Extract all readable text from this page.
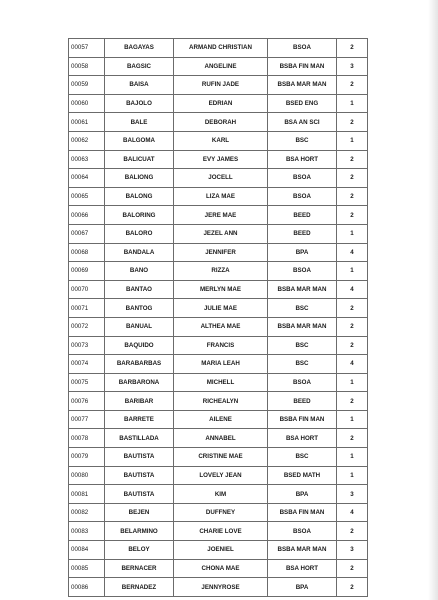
00057	BAGAYAS	ARMAND CHRISTIAN	BSOA	2
00058	BAGSIC	ANGELINE	BSBA FIN MAN	3
00059	BAISA	RUFIN JADE	BSBA MAR MAN	2
00060	BAJOLO	EDRIAN	BSED ENG	1
00061	BALE	DEBORAH	BSA AN SCI	2
00062	BALGOMA	KARL	BSC	1
00063	BALICUAT	EVY JAMES	BSA HORT	2
00064	BALIONG	JOCELL	BSOA	2
00065	BALONG	LIZA MAE	BSOA	2
00066	BALORING	JERE MAE	BEED	2
00067	BALORO	JEZEL ANN	BEED	1
00068	BANDALA	JENNIFER	BPA	4
00069	BANO	RIZZA	BSOA	1
00070	BANTAO	MERLYN MAE	BSBA MAR MAN	4
00071	BANTOG	JULIE MAE	BSC	2
00072	BANUAL	ALTHEA MAE	BSBA MAR MAN	2
00073	BAQUIDO	FRANCIS	BSC	2
00074	BARABARBAS	MARIA LEAH	BSC	4
00075	BARBARONA	MICHELL	BSOA	1
00076	BARIBAR	RICHEALYN	BEED	2
00077	BARRETE	AILENE	BSBA FIN MAN	1
00078	BASTILLADA	ANNABEL	BSA HORT	2
00079	BAUTISTA	CRISTINE MAE	BSC	1
00080	BAUTISTA	LOVELY JEAN	BSED MATH	1
00081	BAUTISTA	KIM	BPA	3
00082	BEJEN	DUFFNEY	BSBA FIN MAN	4
00083	BELARMINO	CHARIE LOVE	BSOA	2
00084	BELOY	JOENIEL	BSBA MAR MAN	3
00085	BERNACER	CHONA MAE	BSA HORT	2
00086	BERNADEZ	JENNYROSE	BPA	2
